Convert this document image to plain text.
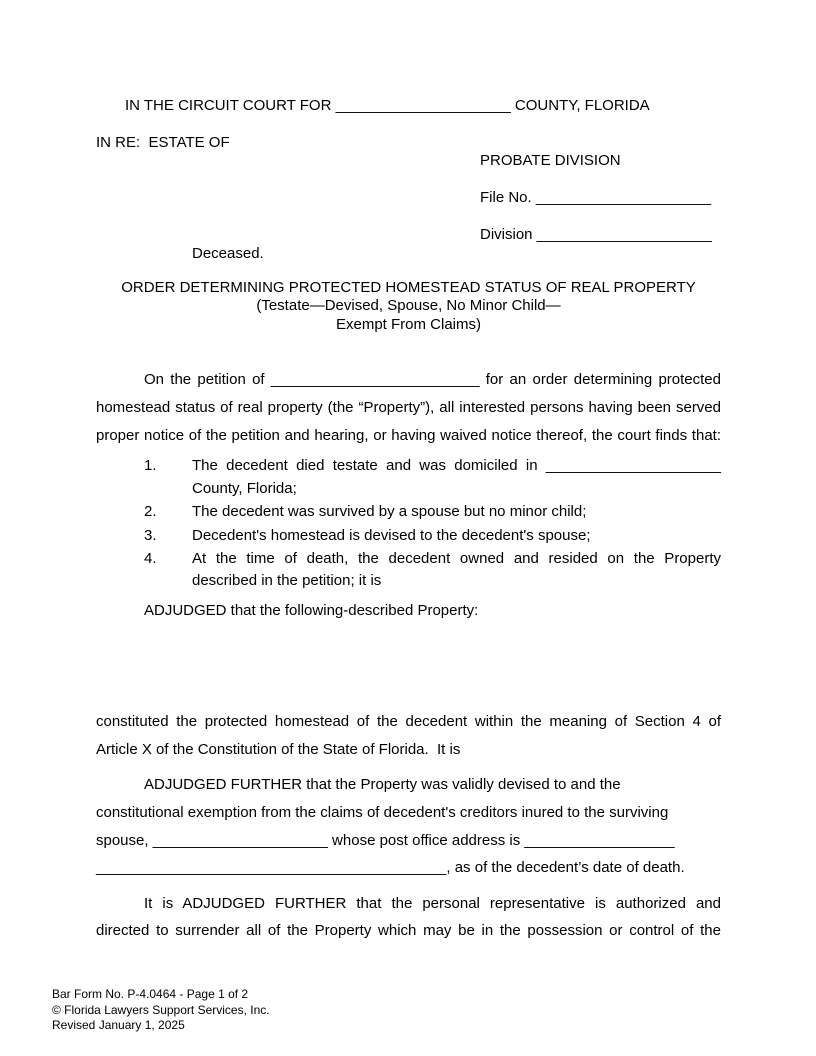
IN THE CIRCUIT COURT FOR _____________________ COUNTY, FLORIDA
IN RE:  ESTATE OF
PROBATE DIVISION
File No. _____________________
Division _____________________
Deceased.
ORDER DETERMINING PROTECTED HOMESTEAD STATUS OF REAL PROPERTY
(Testate—Devised, Spouse, No Minor Child—
Exempt From Claims)
On the petition of _________________________ for an order determining protected
homestead status of real property (the “Property”), all interested persons having been served
proper notice of the petition and hearing, or having waived notice thereof, the court finds that:
1. The decedent died testate and was domiciled in _____________________
County, Florida;
2. The decedent was survived by a spouse but no minor child;
3. Decedent's homestead is devised to the decedent's spouse;
4. At the time of death, the decedent owned and resided on the Property
described in the petition; it is
ADJUDGED that the following-described Property:
constituted the protected homestead of the decedent within the meaning of Section 4 of
Article X of the Constitution of the State of Florida.  It is
ADJUDGED FURTHER that the Property was validly devised to and the
constitutional exemption from the claims of decedent's creditors inured to the surviving
spouse, _____________________ whose post office address is __________________
__________________________________________, as of the decedent’s date of death.
It is ADJUDGED FURTHER that the personal representative is authorized and
directed to surrender all of the Property which may be in the possession or control of the
Bar Form No. P-4.0464 - Page 1 of 2
© Florida Lawyers Support Services, Inc.
Revised January 1, 2025
